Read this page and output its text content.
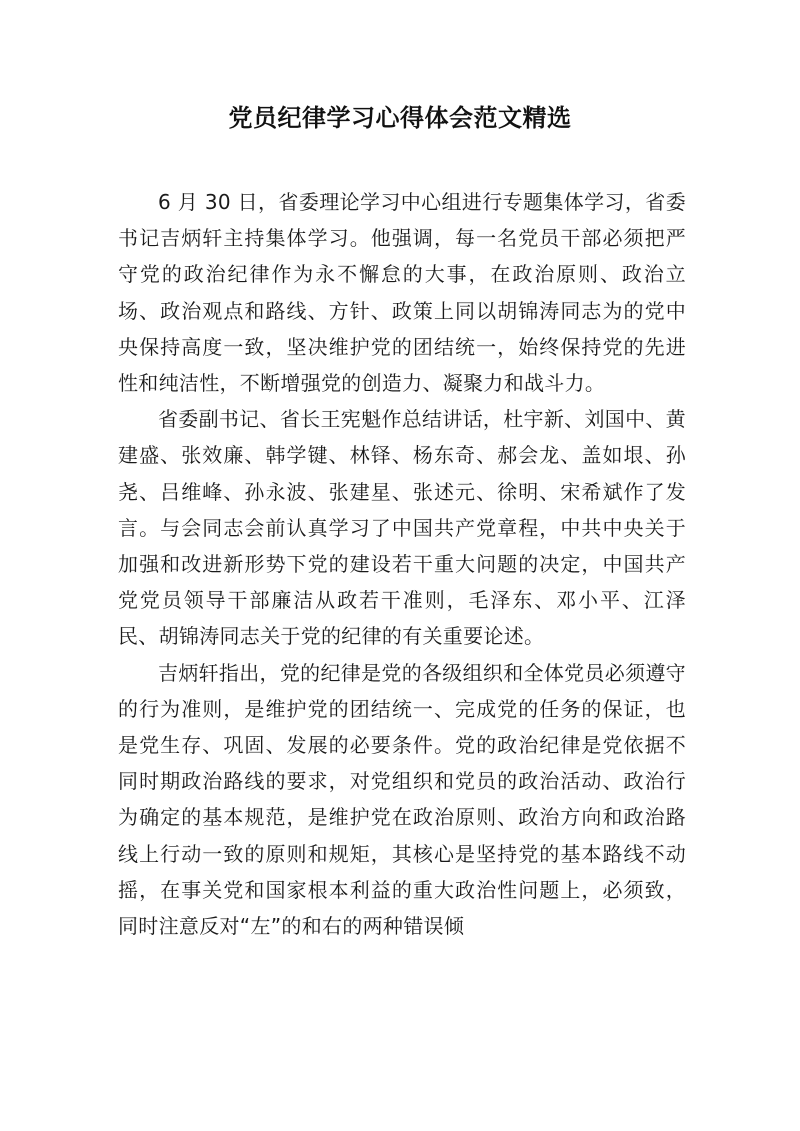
党员纪律学习心得体会范文精选

6 月 30 日，省委理论学习中心组进行专题集体学习，省委书记吉炳轩主持集体学习。他强调，每一名党员干部必须把严守党的政治纪律作为永不懈怠的大事，在政治原则、政治立场、政治观点和路线、方针、政策上同以胡锦涛同志为的党中央保持高度一致，坚决维护党的团结统一，始终保持党的先进性和纯洁性，不断增强党的创造力、凝聚力和战斗力。

省委副书记、省长王宪魁作总结讲话，杜宇新、刘国中、黄建盛、张效廉、韩学键、林铎、杨东奇、郝会龙、盖如垠、孙尧、吕维峰、孙永波、张建星、张述元、徐明、宋希斌作了发言。与会同志会前认真学习了中国共产党章程，中共中央关于加强和改进新形势下党的建设若干重大问题的决定，中国共产党党员领导干部廉洁从政若干准则，毛泽东、邓小平、江泽民、胡锦涛同志关于党的纪律的有关重要论述。

吉炳轩指出，党的纪律是党的各级组织和全体党员必须遵守的行为准则，是维护党的团结统一、完成党的任务的保证，也是党生存、巩固、发展的必要条件。党的政治纪律是党依据不同时期政治路线的要求，对党组织和党员的政治活动、政治行为确定的基本规范，是维护党在政治原则、政治方向和政治路线上行动一致的原则和规矩，其核心是坚持党的基本路线不动摇，在事关党和国家根本利益的重大政治性问题上，必须致，同时注意反对“左”的和右的两种错误倾
